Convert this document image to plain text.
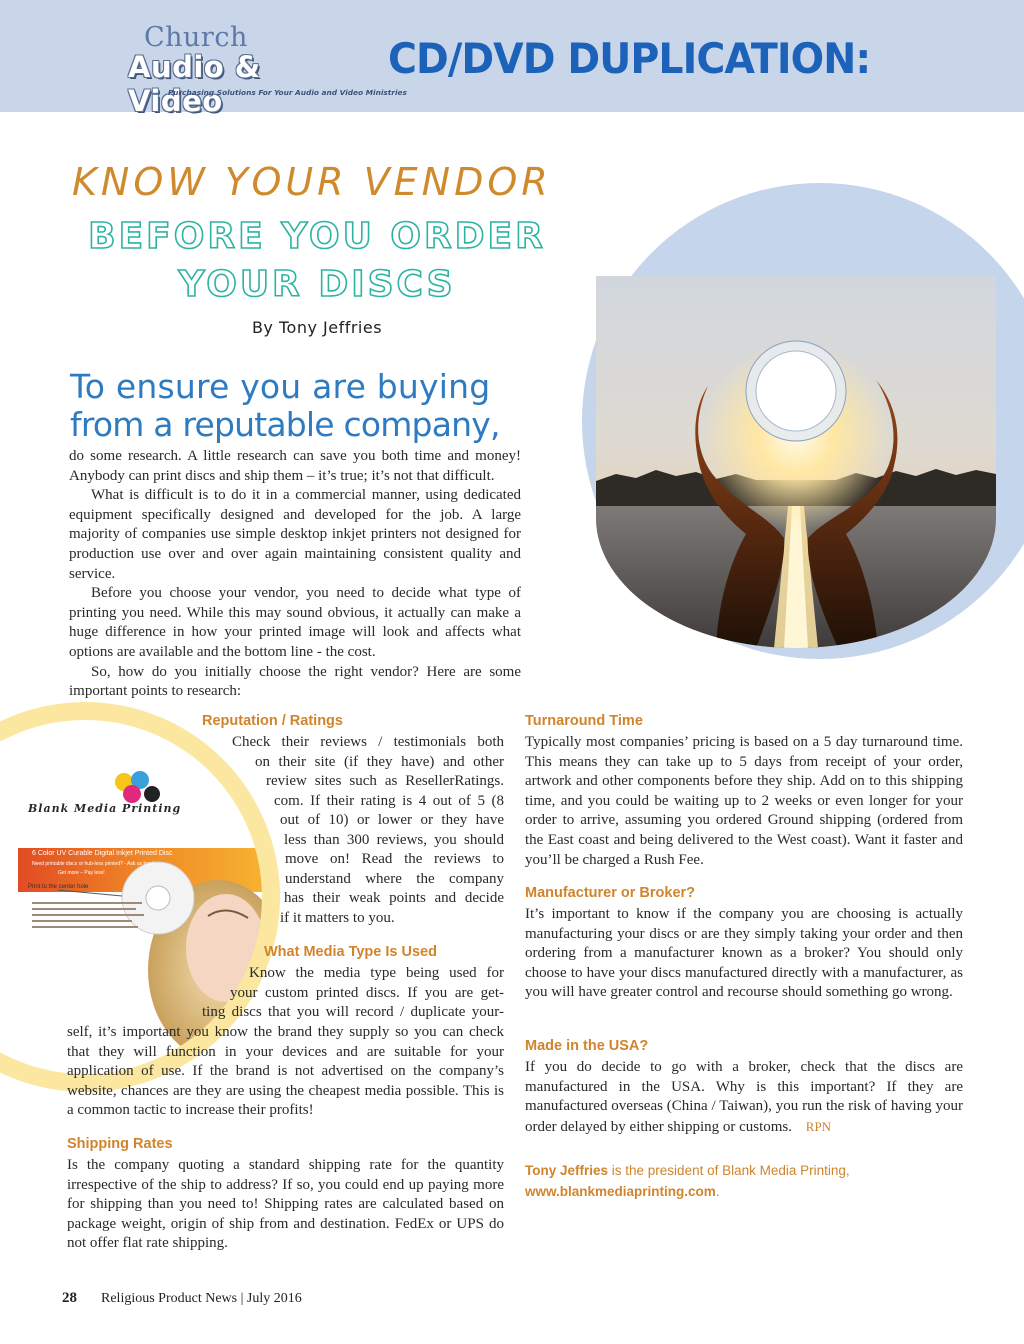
Church
Audio & Video
Purchasing Solutions For Your Audio and Video Ministries
CD/DVD DUPLICATION:
KNOW YOUR VENDOR
BEFORE YOU ORDER
YOUR DISCS
By Tony Jeffries
To ensure you are buying
from a reputable company,

do some research. A little research can save you both time and money! Anybody can print discs and ship them – it’s true; it’s not that difficult.

What is difficult is to do it in a commercial manner, using dedicated equipment specifically designed and developed for the job. A large majority of companies use simple desktop inkjet printers not designed for production use over and over again maintaining consistent quality and service.

Before you choose your vendor, you need to decide what type of printing you need. While this may sound obvious, it actually can make a huge difference in how your printed image will look and affects what options are available and the bottom line - the cost.

So, how do you initially choose the right vendor? Here are some important points to research:

Blank Media Printing
6 Color UV Curable Digital Inkjet Printed Disc
Need printable discs or hub-less printed? - Ask us how!
Get more – Pay less!
Print to the center hole
Reputation / Ratings
Check their reviews / testimonials both
on their site (if they have) and other
review sites such as ResellerRatings.
com. If their rating is 4 out of 5 (8
out of 10) or lower or they have
less than 300 reviews, you should
move on! Read the reviews to
understand where the company
has their weak points and decide
if it matters to you.
What Media Type Is Used
Know the media type being used for
your custom printed discs. If you are get-
ting discs that you will record / duplicate your-
self, it’s important you know the brand they supply so you can check that they will function in your devices and are suitable for your application of use. If the brand is not advertised on the company’s website, chances are they are using the cheapest media possible. This is a common tactic to increase their profits!
Shipping Rates
Is the company quoting a standard shipping rate for the quantity irrespective of the ship to address? If so, you could end up paying more for shipping than you need to! Shipping rates are calculated based on package weight, origin of ship from and destination. FedEx or UPS do not offer flat rate shipping.
Turnaround Time
Typically most companies’ pricing is based on a 5 day turnaround time. This means they can take up to 5 days from receipt of your order, artwork and other components before they ship. Add on to this shipping time, and you could be waiting up to 2 weeks or even longer for your order to arrive, assuming you ordered Ground shipping (ordered from the East coast and being delivered to the West coast). Want it faster and you’ll be charged a Rush Fee.
Manufacturer or Broker?
It’s important to know if the company you are choosing is actually manufacturing your discs or are they simply taking your order and then ordering from a manufacturer known as a broker? You should only choose to have your discs manufactured directly with a manufacturer, as you will have greater control and recourse should something go wrong.
Made in the USA?
If you do decide to go with a broker, check that the discs are manufactured in the USA. Why is this important? If they are manufactured overseas (China / Taiwan), you run the risk of having your order delayed by either shipping or customs. RPN
Tony Jeffries is the president of Blank Media Printing,
www.blankmediaprinting.com.
28 Religious Product News | July 2016
